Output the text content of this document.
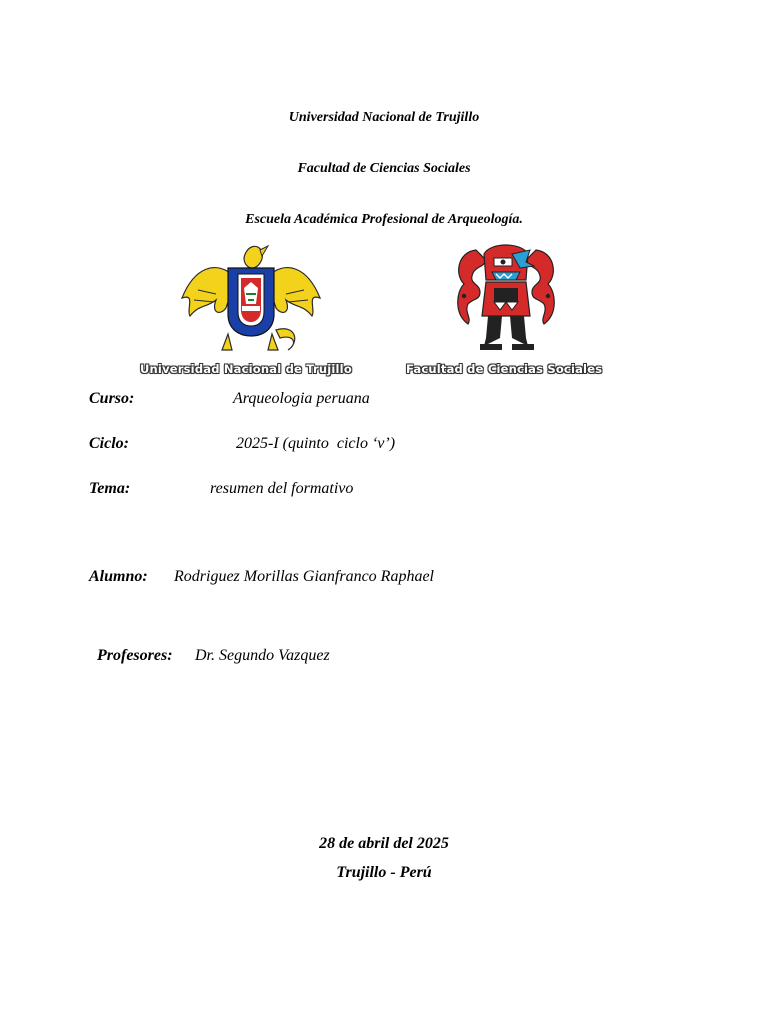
Universidad Nacional de Trujillo
Facultad de Ciencias Sociales
Escuela Académica Profesional de Arqueología.
Universidad Nacional de Trujillo	Facultad de Ciencias Sociales
Curso:	Arqueologia peruana
Ciclo:	2025-I (quinto  ciclo ‘v’)
Tema:	resumen del formativo
Alumno: Rodriguez Morillas Gianfranco Raphael
Profesores: Dr. Segundo Vazquez
28 de abril del 2025
Trujillo - Perú
